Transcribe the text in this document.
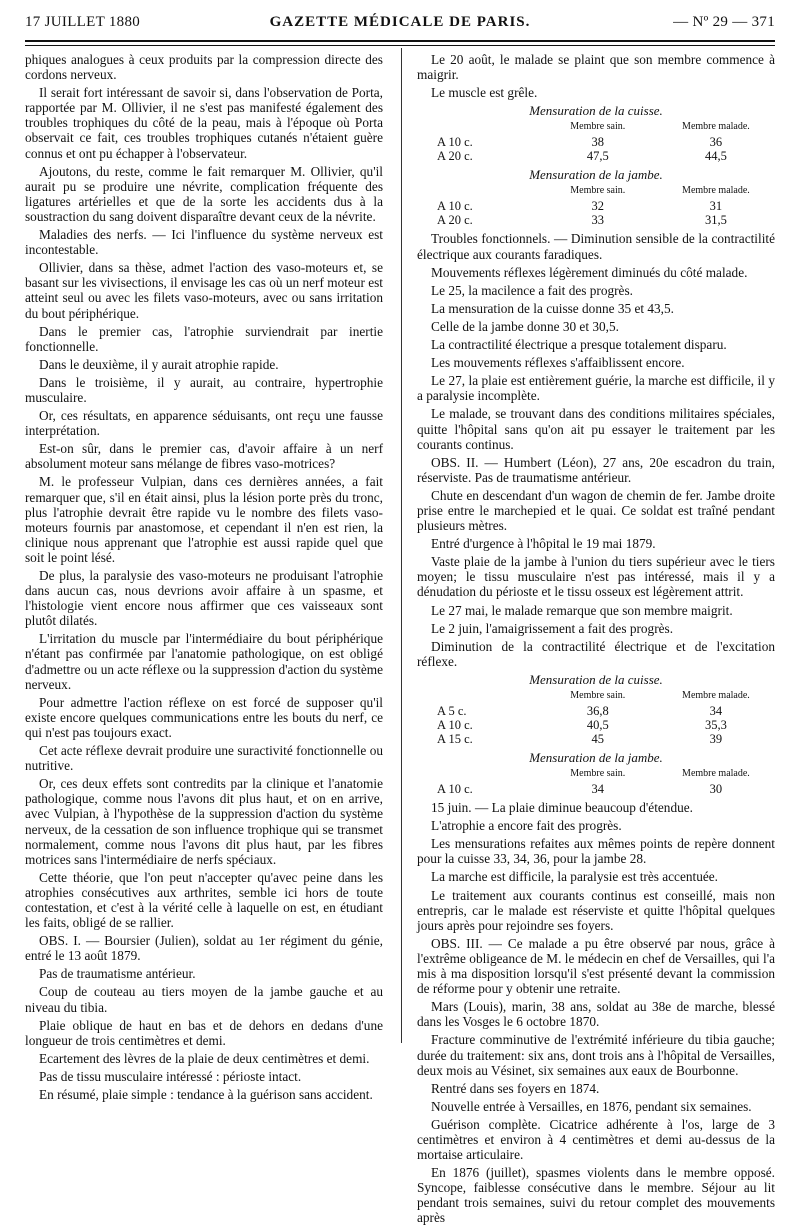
17 JUILLET 1880	GAZETTE MÉDICALE DE PARIS.	— Nº 29 — 371

phiques analogues à ceux produits par la compression directe des cordons nerveux.

Il serait fort intéressant de savoir si, dans l'observation de Porta, rapportée par M. Ollivier, il ne s'est pas manifesté également des troubles trophiques du côté de la peau, mais à l'époque où Porta observait ce fait, ces troubles trophiques cutanés n'étaient guère connus et ont pu échapper à l'observateur.

Ajoutons, du reste, comme le fait remarquer M. Ollivier, qu'il aurait pu se produire une névrite, complication fréquente des ligatures artérielles et que de la sorte les accidents dus à la soustraction du sang doivent disparaître devant ceux de la névrite.

Maladies des nerfs. — Ici l'influence du système nerveux est incontestable.

Ollivier, dans sa thèse, admet l'action des vaso-moteurs et, se basant sur les vivisections, il envisage les cas où un nerf moteur est atteint seul ou avec les filets vaso-moteurs, avec ou sans irritation du bout périphérique.

Dans le premier cas, l'atrophie surviendrait par inertie fonctionnelle.

Dans le deuxième, il y aurait atrophie rapide.

Dans le troisième, il y aurait, au contraire, hypertrophie musculaire.

Or, ces résultats, en apparence séduisants, ont reçu une fausse interprétation.

Est-on sûr, dans le premier cas, d'avoir affaire à un nerf absolument moteur sans mélange de fibres vaso-motrices?

M. le professeur Vulpian, dans ces dernières années, a fait remarquer que, s'il en était ainsi, plus la lésion porte près du tronc, plus l'atrophie devrait être rapide vu le nombre des filets vaso-moteurs fournis par anastomose, et cependant il n'en est rien, la clinique nous apprenant que l'atrophie est aussi rapide quel que soit le point lésé.

De plus, la paralysie des vaso-moteurs ne produisant l'atrophie dans aucun cas, nous devrions avoir affaire à un spasme, et l'histologie vient encore nous affirmer que ces vaisseaux sont plutôt dilatés.

L'irritation du muscle par l'intermédiaire du bout périphérique n'étant pas confirmée par l'anatomie pathologique, on est obligé d'admettre ou un acte réflexe ou la suppression d'action du système nerveux.

Pour admettre l'action réflexe on est forcé de supposer qu'il existe encore quelques communications entre les bouts du nerf, ce qui n'est pas toujours exact.

Cet acte réflexe devrait produire une suractivité fonctionnelle ou nutritive.

Or, ces deux effets sont contredits par la clinique et l'anatomie pathologique, comme nous l'avons dit plus haut, et on en arrive, avec Vulpian, à l'hypothèse de la suppression d'action du système nerveux, de la cessation de son influence trophique qui se transmet normalement, comme nous l'avons dit plus haut, par les fibres motrices sans l'intermédiaire de nerfs spéciaux.

Cette théorie, que l'on peut n'accepter qu'avec peine dans les atrophies consécutives aux arthrites, semble ici hors de toute contestation, et c'est à la vérité celle à laquelle on est, en étudiant les faits, obligé de se rallier.

OBS. I. — Boursier (Julien), soldat au 1er régiment du génie, entré le 13 août 1879.

Pas de traumatisme antérieur.

Coup de couteau au tiers moyen de la jambe gauche et au niveau du tibia.

Plaie oblique de haut en bas et de dehors en dedans d'une longueur de trois centimètres et demi.

Ecartement des lèvres de la plaie de deux centimètres et demi.

Pas de tissu musculaire intéressé : périoste intact.

En résumé, plaie simple : tendance à la guérison sans accident.

Le 20 août, le malade se plaint que son membre commence à maigrir.

Le muscle est grêle.

Mensuration de la cuisse.
	Membre sain.	Membre malade.
A 10 c.	38	36
A 20 c.	47,5	44,5
Mensuration de la jambe.
	Membre sain.	Membre malade.
A 10 c.	32	31
A 20 c.	33	31,5

Troubles fonctionnels. — Diminution sensible de la contractilité électrique aux courants faradiques.

Mouvements réflexes légèrement diminués du côté malade.

Le 25, la macilence a fait des progrès.

La mensuration de la cuisse donne 35 et 43,5.

Celle de la jambe donne 30 et 30,5.

La contractilité électrique a presque totalement disparu.

Les mouvements réflexes s'affaiblissent encore.

Le 27, la plaie est entièrement guérie, la marche est difficile, il y a paralysie incomplète.

Le malade, se trouvant dans des conditions militaires spéciales, quitte l'hôpital sans qu'on ait pu essayer le traitement par les courants continus.

OBS. II. — Humbert (Léon), 27 ans, 20e escadron du train, réserviste. Pas de traumatisme antérieur.

Chute en descendant d'un wagon de chemin de fer. Jambe droite prise entre le marchepied et le quai. Ce soldat est traîné pendant plusieurs mètres.

Entré d'urgence à l'hôpital le 19 mai 1879.

Vaste plaie de la jambe à l'union du tiers supérieur avec le tiers moyen; le tissu musculaire n'est pas intéressé, mais il y a dénudation du périoste et le tissu osseux est légèrement attrit.

Le 27 mai, le malade remarque que son membre maigrit.

Le 2 juin, l'amaigrissement a fait des progrès.

Diminution de la contractilité électrique et de l'excitation réflexe.

Mensuration de la cuisse.
	Membre sain.	Membre malade.
A 5 c.	36,8	34
A 10 c.	40,5	35,3
A 15 c.	45	39
Mensuration de la jambe.
	Membre sain.	Membre malade.
A 10 c.	34	30

15 juin. — La plaie diminue beaucoup d'étendue.

L'atrophie a encore fait des progrès.

Les mensurations refaites aux mêmes points de repère donnent pour la cuisse 33, 34, 36, pour la jambe 28.

La marche est difficile, la paralysie est très accentuée.

Le traitement aux courants continus est conseillé, mais non entrepris, car le malade est réserviste et quitte l'hôpital quelques jours après pour rejoindre ses foyers.

OBS. III. — Ce malade a pu être observé par nous, grâce à l'extrême obligeance de M. le médecin en chef de Versailles, qui l'a mis à ma disposition lorsqu'il s'est présenté devant la commission de réforme pour y obtenir une retraite.

Mars (Louis), marin, 38 ans, soldat au 38e de marche, blessé dans les Vosges le 6 octobre 1870.

Fracture comminutive de l'extrémité inférieure du tibia gauche; durée du traitement: six ans, dont trois ans à l'hôpital de Versailles, deux mois au Vésinet, six semaines aux eaux de Bourbonne.

Rentré dans ses foyers en 1874.

Nouvelle entrée à Versailles, en 1876, pendant six semaines.

Guérison complète. Cicatrice adhérente à l'os, large de 3 centimètres et environ à 4 centimètres et demi au-dessus de la mortaise articulaire.

En 1876 (juillet), spasmes violents dans le membre opposé. Syncope, faiblesse consécutive dans le membre. Séjour au lit pendant trois semaines, suivi du retour complet des mouvements après
